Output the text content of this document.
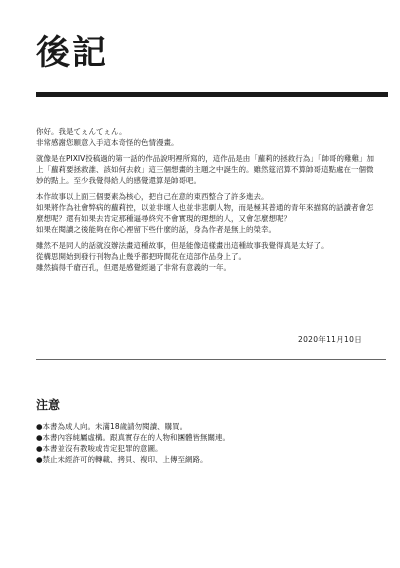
後記

你好。我是てぇんてぇん。

非常感謝您願意入手這本奇怪的色情漫畫。

就像是在PIXIV投稿過的第一話的作品說明裡所寫的，這作品是由「蘿莉的拯救行為」「帥哥的雞雞」加上「蘿莉要拯救誰、該如何去救」這三個想畫的主題之中誕生的。雖然筵沼算不算帥哥這點處在一個微妙的點上。至少我覺得給人的感覺還算是帥哥吧。

本作故事以上面三個要素為核心，把自己在意的東西整合了許多進去。

如果將作為社會弊病的蘿莉控，以並非壞人也並非悲劇人物，而是極其普通的青年來描寫的話讀者會怎麼想呢？還有如果去肯定那種逼尋終究不會實現的理想的人，又會怎麼想呢？

如果在閱讀之後能夠在你心裡留下些什麼的話，身為作者是無上的榮幸。

雖然不是同人的話就沒辦法畫這種故事，但是能像這樣畫出這種故事我覺得真是太好了。

從構思開始到發行刊物為止幾乎都把時間花在這部作品身上了。

雖然搞得千瘡百孔，但還是感覺經過了非常有意義的一年。

2020年11月10日
注意
●本書為成人向。未滿18歲請勿閱讀、購買。
●本書內容純屬虛構。跟真實存在的人物和團體皆無關連。
●本書並沒有教唆或肯定犯罪的意圖。
●禁止未經許可的轉載、拷貝、複印、上傳至網路。
